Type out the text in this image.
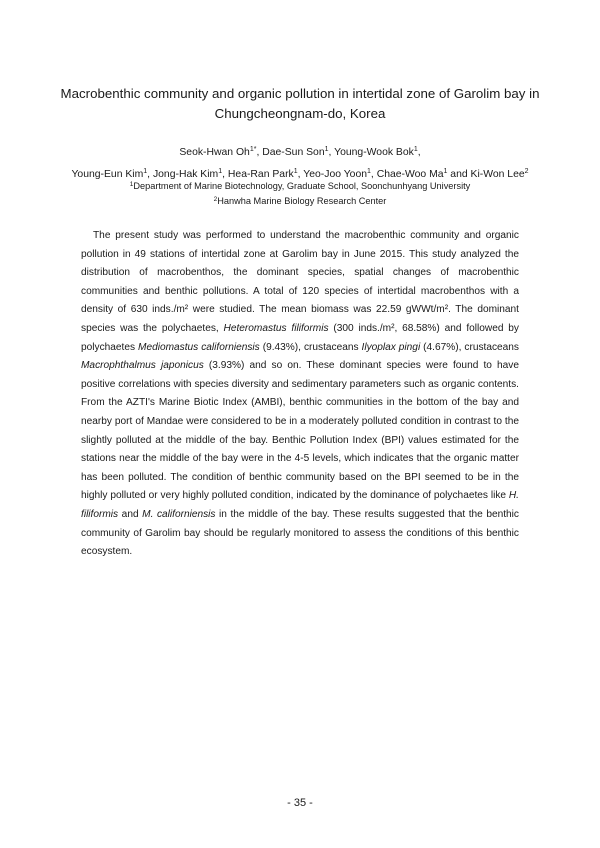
Macrobenthic community and organic pollution in intertidal zone of Garolim bay in Chungcheongnam-do, Korea
Seok-Hwan $Oh^{1*}$, Dae-Sun Son$^1$, Young-Wook Bok$^1$,
Young-Eun Kim$^1$, Jong-Hak Kim$^1$, Hea-Ran Park$^1$, Yeo-Joo Yoon$^1$, Chae-Woo Ma$^1$ and Ki-Won Lee$^2$
$^1$Department of Marine Biotechnology, Graduate School, Soonchunhyang University
$^2$Hanwha Marine Biology Research Center

The present study was performed to understand the macrobenthic community and organic pollution in 49 stations of intertidal zone at Garolim bay in June 2015. This study analyzed the distribution of macrobenthos, the dominant species, spatial changes of macrobenthic communities and benthic pollutions. A total of 120 species of intertidal macrobenthos with a density of 630 inds./m² were studied. The mean biomass was 22.59 gWWt/m². The dominant species was the polychaetes, Heteromastus filiformis (300 inds./m², 68.58%) and followed by polychaetes Mediomastus californiensis (9.43%), crustaceans Ilyoplax pingi (4.67%), crustaceans Macrophthalmus japonicus (3.93%) and so on. These dominant species were found to have positive correlations with species diversity and sedimentary parameters such as organic contents. From the AZTI's Marine Biotic Index (AMBI), benthic communities in the bottom of the bay and nearby port of Mandae were considered to be in a moderately polluted condition in contrast to the slightly polluted at the middle of the bay. Benthic Pollution Index (BPI) values estimated for the stations near the middle of the bay were in the 4-5 levels, which indicates that the organic matter has been polluted. The condition of benthic community based on the BPI seemed to be in the highly polluted or very highly polluted condition, indicated by the dominance of polychaetes like H. filiformis and M. californiensis in the middle of the bay. These results suggested that the benthic community of Garolim bay should be regularly monitored to assess the conditions of this benthic ecosystem.

- 35 -
